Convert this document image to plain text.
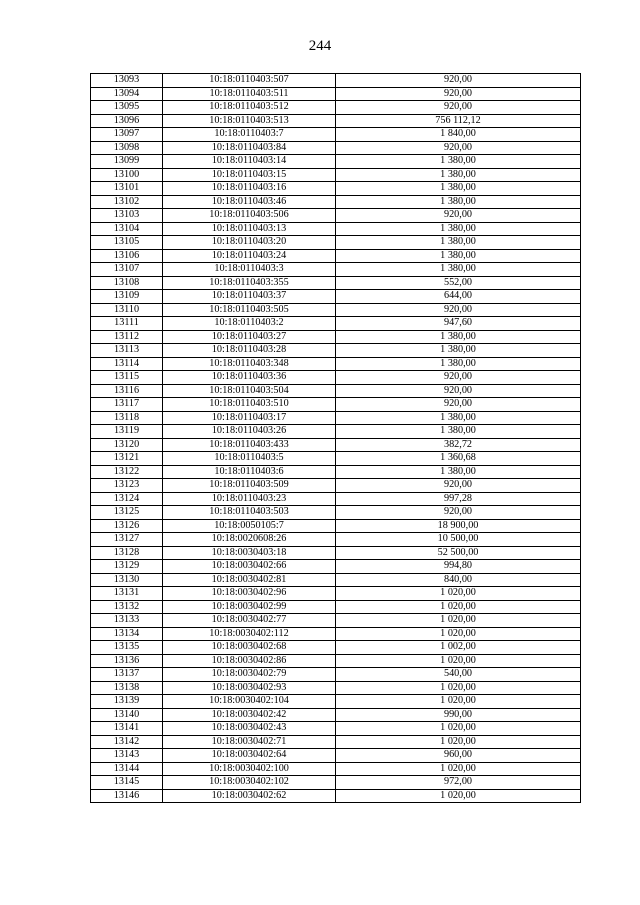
244
13093	10:18:0110403:507	920,00
13094	10:18:0110403:511	920,00
13095	10:18:0110403:512	920,00
13096	10:18:0110403:513	756 112,12
13097	10:18:0110403:7	1 840,00
13098	10:18:0110403:84	920,00
13099	10:18:0110403:14	1 380,00
13100	10:18:0110403:15	1 380,00
13101	10:18:0110403:16	1 380,00
13102	10:18:0110403:46	1 380,00
13103	10:18:0110403:506	920,00
13104	10:18:0110403:13	1 380,00
13105	10:18:0110403:20	1 380,00
13106	10:18:0110403:24	1 380,00
13107	10:18:0110403:3	1 380,00
13108	10:18:0110403:355	552,00
13109	10:18:0110403:37	644,00
13110	10:18:0110403:505	920,00
13111	10:18:0110403:2	947,60
13112	10:18:0110403:27	1 380,00
13113	10:18:0110403:28	1 380,00
13114	10:18:0110403:348	1 380,00
13115	10:18:0110403:36	920,00
13116	10:18:0110403:504	920,00
13117	10:18:0110403:510	920,00
13118	10:18:0110403:17	1 380,00
13119	10:18:0110403:26	1 380,00
13120	10:18:0110403:433	382,72
13121	10:18:0110403:5	1 360,68
13122	10:18:0110403:6	1 380,00
13123	10:18:0110403:509	920,00
13124	10:18:0110403:23	997,28
13125	10:18:0110403:503	920,00
13126	10:18:0050105:7	18 900,00
13127	10:18:0020608:26	10 500,00
13128	10:18:0030403:18	52 500,00
13129	10:18:0030402:66	994,80
13130	10:18:0030402:81	840,00
13131	10:18:0030402:96	1 020,00
13132	10:18:0030402:99	1 020,00
13133	10:18:0030402:77	1 020,00
13134	10:18:0030402:112	1 020,00
13135	10:18:0030402:68	1 002,00
13136	10:18:0030402:86	1 020,00
13137	10:18:0030402:79	540,00
13138	10:18:0030402:93	1 020,00
13139	10:18:0030402:104	1 020,00
13140	10:18:0030402:42	990,00
13141	10:18:0030402:43	1 020,00
13142	10:18:0030402:71	1 020,00
13143	10:18:0030402:64	960,00
13144	10:18:0030402:100	1 020,00
13145	10:18:0030402:102	972,00
13146	10:18:0030402:62	1 020,00
